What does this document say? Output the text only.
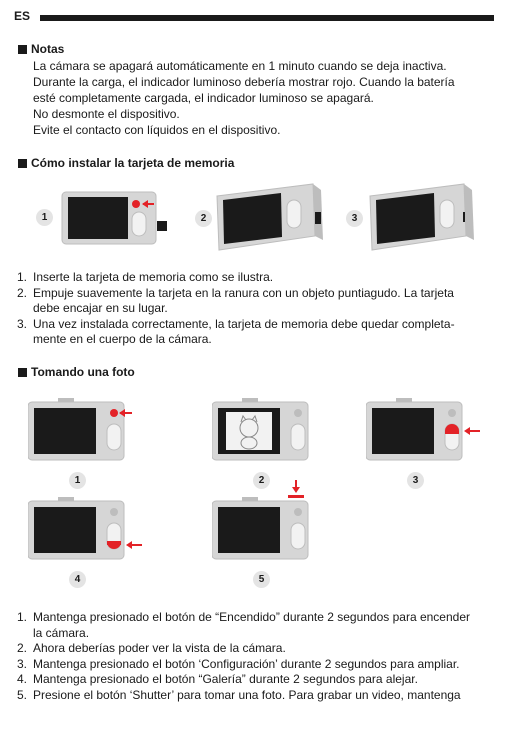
ES
Notas
La cámara se apagará automáticamente en 1 minuto cuando se deja inactiva.
Durante la carga, el indicador luminoso debería mostrar rojo. Cuando la batería
esté completamente cargada, el indicador luminoso se apagará.
No desmonte el dispositivo.
Evite el contacto con líquidos en el dispositivo.
Cómo instalar la tarjeta de memoria
1	2	3
1. Inserte la tarjeta de memoria como se ilustra.
2. Empuje suavemente la tarjeta en la ranura con un objeto puntiagudo. La tarjeta
debe encajar en su lugar.
3. Una vez instalada correctamente, la tarjeta de memoria debe quedar completa-
mente en el cuerpo de la cámara.
Tomando una foto
1	2	3
4	5
1. Mantenga presionado el botón de “Encendido” durante 2 segundos para encender
la cámara.
2. Ahora deberías poder ver la vista de la cámara.
3. Mantenga presionado el botón ‘Configuración’ durante 2 segundos para ampliar.
4. Mantenga presionado el botón “Galería” durante 2 segundos para alejar.
5. Presione el botón ‘Shutter’ para tomar una foto. Para grabar un video, mantenga
